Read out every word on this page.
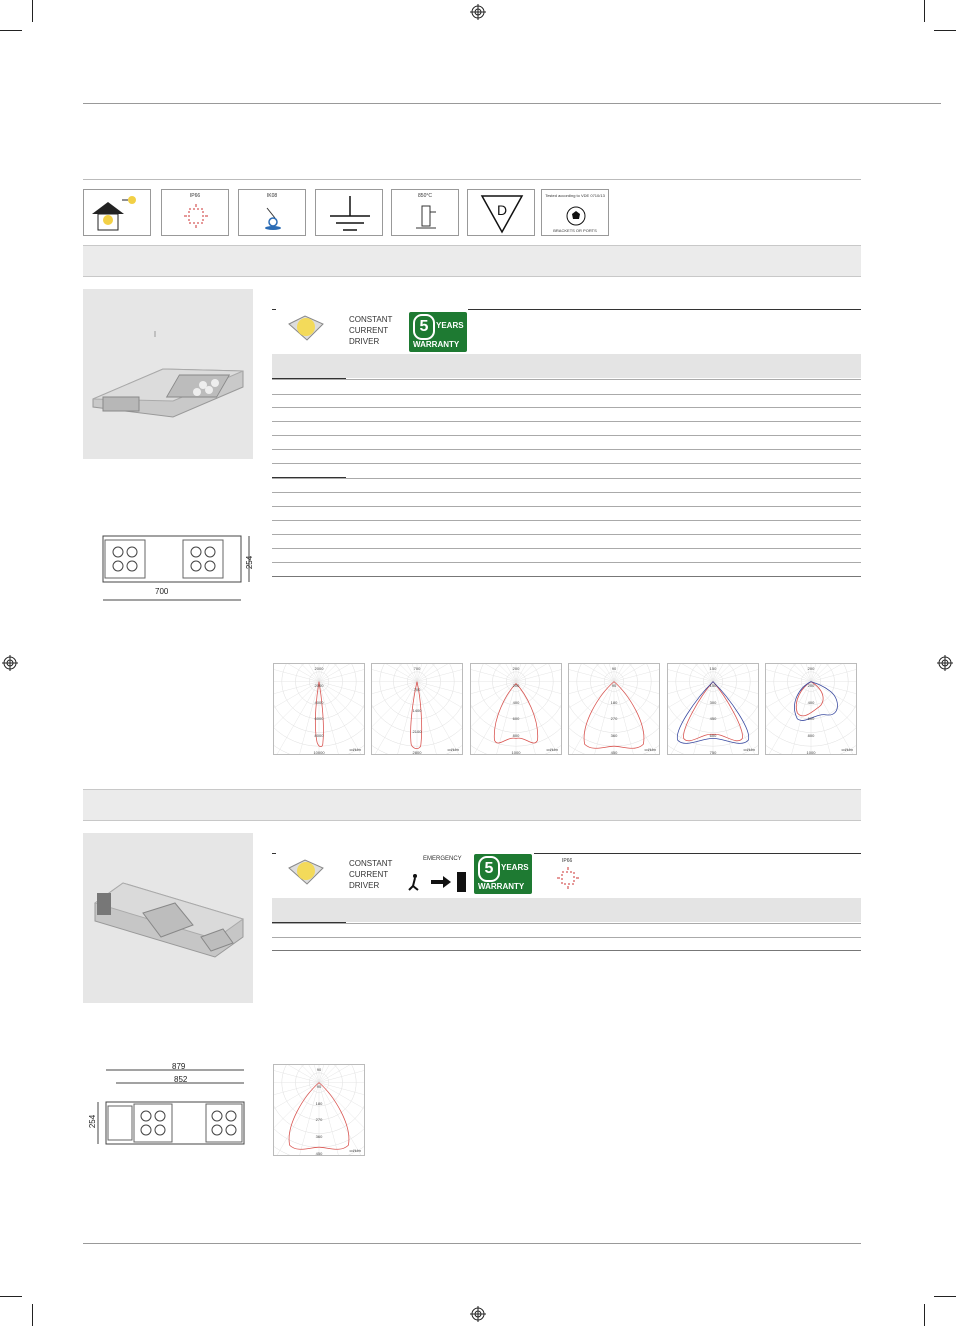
IP66	IK08	850°C
D
Tested according to VDE 0710/13
BRACKETS OR PORTS
700
254
CONSTANT
CURRENT
DRIVER
5 YEARS
WARRANTY
2000
2000
4000
6000
8000
10000
cd/klm
700
700
1400
2100
2800
cd/klm
200
200
400
600
800
1000
cd/klm
90
90
180
270
360
450
cd/klm
150
150
300
450
600
750
cd/klm
200
200
400
600
800
1000
cd/klm
879
852
254
CONSTANT
CURRENT
DRIVER
EMERGENCY
5 YEARS
WARRANTY
IP66
90
90
180
270
360
450
cd/klm
